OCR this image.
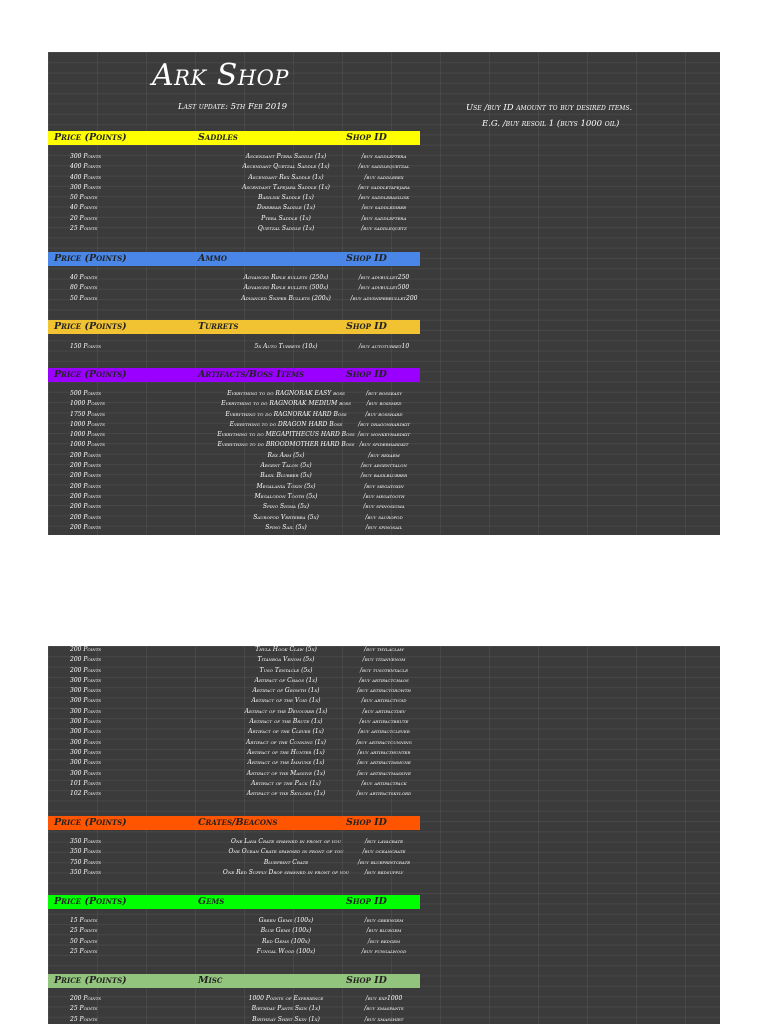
Ark Shop
Last update: 5th Feb 2019	Use /buy ID amount to buy desired items.
E.G. /buy resoil 1 (buys 1000 oil)
Price (Points)	Saddles	Shop ID
300 Points	Ascendant Ptera Saddle (1x)	/buy saddleptera
400 Points	Ascendant Quetzal Saddle (1x)	/buy saddlequetzal
400 Points	Ascendant Rex Saddle (1x)	/buy saddlerex
300 Points	Ascendant Tapejara Saddle (1x)	/buy saddletapejara
50 Points	Basilisk Saddle (1x)	/buy saddlebasilisk
40 Points	Direbear Saddle (1x)	/buy saddledireb
20 Points	Ptera Saddle (1x)	/buy saddleptera
25 Points	Quetzal Saddle (1x)	/buy saddlequetz
Price (Points)	Ammo	Shop ID
40 Points	Advanced Rifle bullets (250x)	/buy advbullet250
80 Points	Advanced Rifle bullets (500x)	/buy advbullet500
50 Points	Advanced Sniper Bullets (200x)	/buy advsniperbullet200
Price (Points)	Turrets	Shop ID
150 Points	5x Auto Turrets (10x)	/buy autoturret10
Price (Points)	Artifacts/Boss Items	Shop ID
500 Points	Everything to do RAGNORAK EASY boss	/buy bosseasy
1000 Points	Everything to do RAGNORAK MEDIUM boss	/buy bossmed
1750 Points	Everything to do RAGNORAK HARD Boss	/buy bosshard
1000 Points	Everything to do DRAGON HARD Boss	/buy dragonhardkit
1000 Points	Everything to do MEGAPITHECUS HARD Boss /buy monkeyhardkit
1000 Points	Everything to do BROODMOTHER HARD Boss /buy spiderhardkit
200 Points	Rex Arm (5x)	/buy rexarm
200 Points	Argent Talon (5x)	/buy argenttalon
200 Points	Basil Blubber (5x)	/buy basilblubber
200 Points	Megalania Toxin (5x)	/buy megatoxin
200 Points	Megalodon Tooth (5x)	/buy megatooth
200 Points	Spino Sigma (5x)	/buy spinosigma
200 Points	Sauropod Vertebra (5x)	/buy sauropod
200 Points	Spino Sail (5x)	/buy spinosail
200 Points	Thyla Hook Claw (5x)	/buy thylaclaw
200 Points	Titanboa Venom (5x)	/buy titanvenom
200 Points	Tuso Tentacle (5x)	/buy tusotentacle
300 Points	Artifact of Chaos (1x)	/buy artifactchaos
300 Points	Artifact of Growth (1x)	/buy artifactgrowth
300 Points	Artifact of the Void (1x)	/buy artifactvoid
300 Points	Artifact of the Devourer (1x)	/buy artifactdev
300 Points	Artifact of the Brute (1x)	/buy artifactbrute
300 Points	Artifact of the Clever (1x)	/buy artifactclever
300 Points	Artifact of the Cunning (1x)	/buy artifactcunning
300 Points	Artifact of the Hunter (1x)	/buy artifacthunter
300 Points	Artifact of the Immune (1x)	/buy artifactimmune
300 Points	Artifact of the Massive (1x)	/buy artifactmassive
101 Points	Artifact of the Pack (1x)	/buy artifactpack
102 Points	Artifact of the Skylord (1x)	/buy artifactskylord
Price (Points)	Crates/Beacons	Shop ID
350 Points	One Lava Crate spawned in front of you	/buy lavacrate
350 Points	One Ocean Crate spawned in front of you	/buy oceancrate
750 Points	Blueprint Crate	/buy blueprintcrate
350 Points	One Red Supply Drop spawned in front of you	/buy redsupply
Price (Points)	Gems	Shop ID
15 Points	Green Gems (100x)	/buy greengem
25 Points	Blue Gems (100x)	/buy bluegem
50 Points	Red Gems (100x)	/buy redgem
25 Points	Fungal Wood (100x)	/buy fungalwood
Price (Points)	Misc	Shop ID
200 Points	1000 Points of Experience	/buy exp1000
25 Points	Birthday Pants Skin (1x)	/buy xmaspants
25 Points	Birthday Shirt Skin (1x)	/buy xmasshirt
